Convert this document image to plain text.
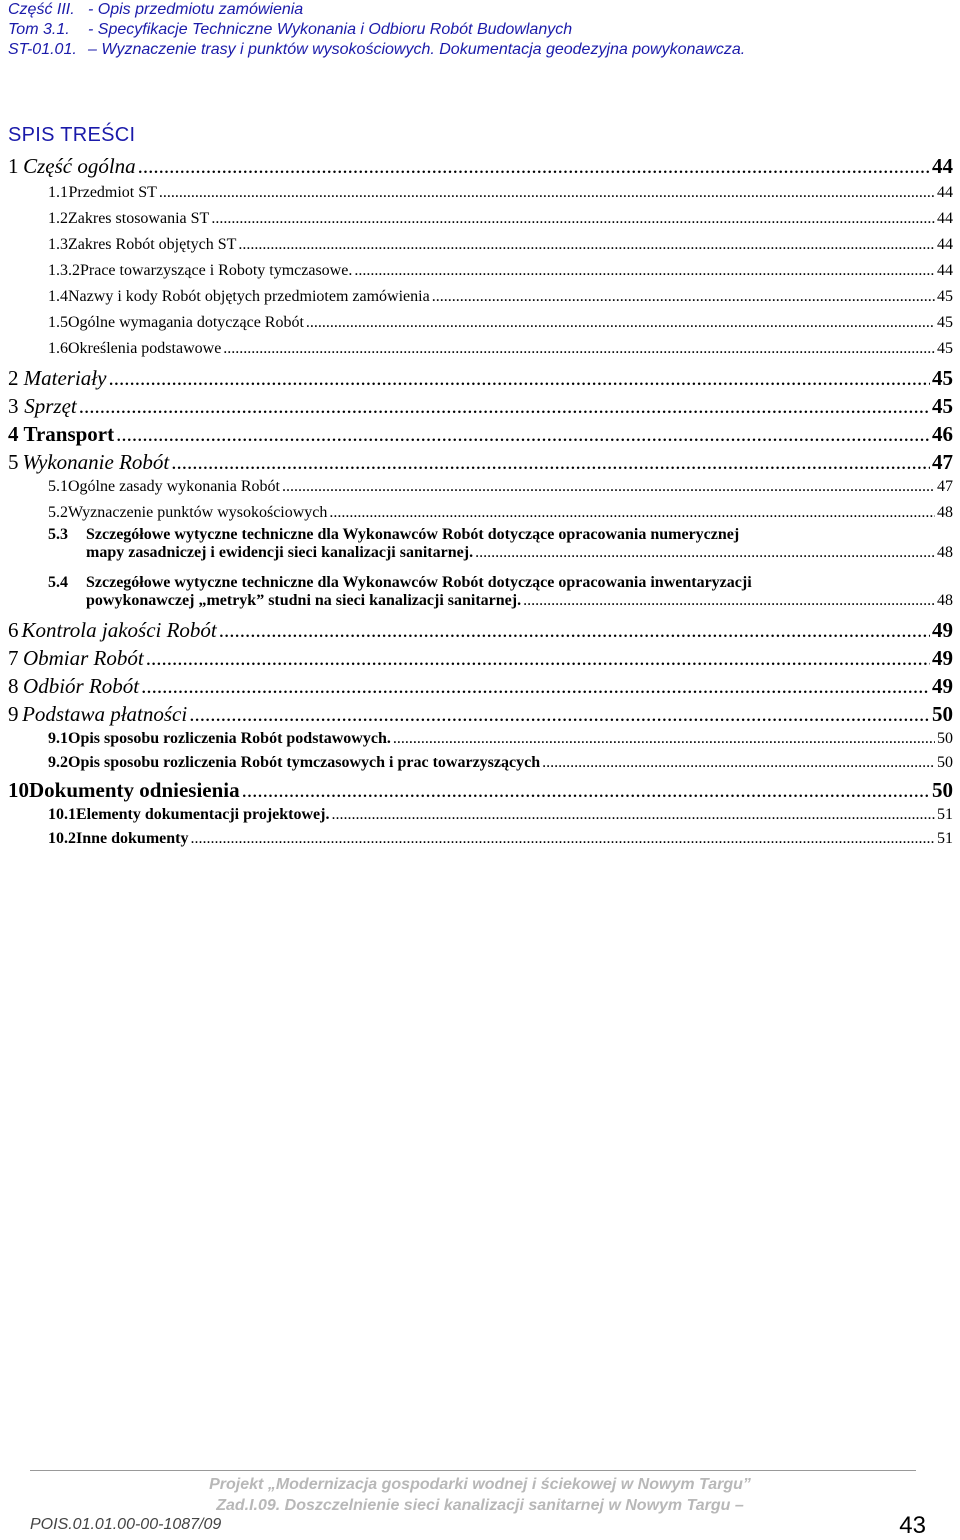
Część III. - Opis przedmiotu zamówienia
Tom 3.1. - Specyfikacje Techniczne Wykonania i Odbioru Robót Budowlanych
ST-01.01. – Wyznaczenie trasy i punktów wysokościowych. Dokumentacja geodezyjna powykonawcza.
SPIS TREŚCI
1 Część ogólna .....	44
1.1 Przedmiot ST .....	44
1.2 Zakres stosowania ST .....	44
1.3 Zakres Robót objętych ST .....	44
1.3.2 Prace towarzyszące i Roboty tymczasowe. .....	44
1.4 Nazwy i kody Robót objętych przedmiotem zamówienia .....	45
1.5 Ogólne wymagania dotyczące Robót .....	45
1.6 Określenia podstawowe .....	45
2 Materiały .....	45
3 Sprzęt .....	45
4 Transport .....	46
5 Wykonanie Robót .....	47
5.1 Ogólne zasady wykonania Robót .....	47
5.2 Wyznaczenie punktów wysokościowych .....	48
5.3 Szczegółowe wytyczne techniczne dla Wykonawców Robót dotyczące opracowania numerycznej
mapy zasadniczej i ewidencji sieci kanalizacji sanitarnej. .....	48
5.4 Szczegółowe wytyczne techniczne dla Wykonawców Robót dotyczące opracowania inwentaryzacji
powykonawczej „metryk” studni na sieci kanalizacji sanitarnej. .....	48
6 Kontrola jakości Robót .....	49
7 Obmiar Robót .....	49
8 Odbiór Robót .....	49
9 Podstawa płatności .....	50
9.1 Opis sposobu rozliczenia Robót podstawowych. .....	50
9.2 Opis sposobu rozliczenia Robót tymczasowych i prac towarzyszących .....	50
10 Dokumenty odniesienia .....	50
10.1 Elementy dokumentacji projektowej. .....	51
10.2 Inne dokumenty .....	51
Projekt „Modernizacja gospodarki wodnej i ściekowej w Nowym Targu”
Zad.I.09. Doszczelnienie sieci kanalizacji sanitarnej w Nowym Targu –
POIS.01.01.00-00-1087/09	43
